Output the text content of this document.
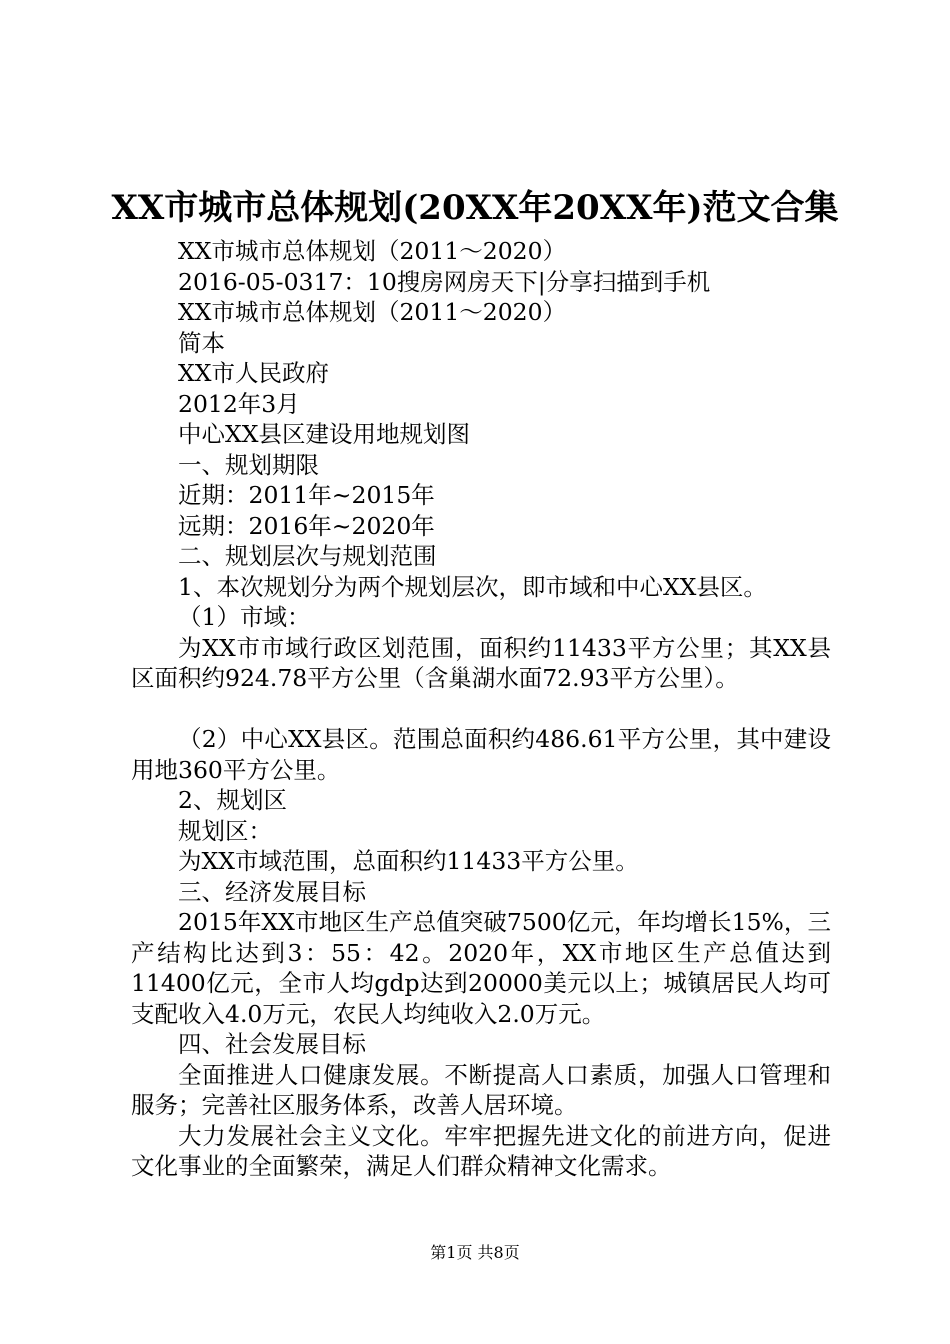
XX市城市总体规划(20XX年20XX年)范文合集
XX市城市总体规划（2011～2020）
2016-05-0317：10搜房网房天下|分享扫描到手机
XX市城市总体规划（2011～2020）
简本
XX市人民政府
2012年3月
中心XX县区建设用地规划图
一、规划期限
近期：2011年~2015年
远期：2016年~2020年
二、规划层次与规划范围
1、本次规划分为两个规划层次，即市域和中心XX县区。
（1）市域：
为XX市市域行政区划范围，面积约11433平方公里；其XX县区面积约924.78平方公里（含巢湖水面72.93平方公里）。
（2）中心XX县区。范围总面积约486.61平方公里，其中建设用地360平方公里。
2、规划区
规划区：
为XX市域范围，总面积约11433平方公里。
三、经济发展目标
2015年XX市地区生产总值突破7500亿元，年均增长15%，三产结构比达到3：55：42。2020年，XX市地区生产总值达到11400亿元，全市人均gdp达到20000美元以上；城镇居民人均可支配收入4.0万元，农民人均纯收入2.0万元。
四、社会发展目标
全面推进人口健康发展。不断提高人口素质，加强人口管理和服务；完善社区服务体系，改善人居环境。
大力发展社会主义文化。牢牢把握先进文化的前进方向，促进文化事业的全面繁荣，满足人们群众精神文化需求。
第1页 共8页
